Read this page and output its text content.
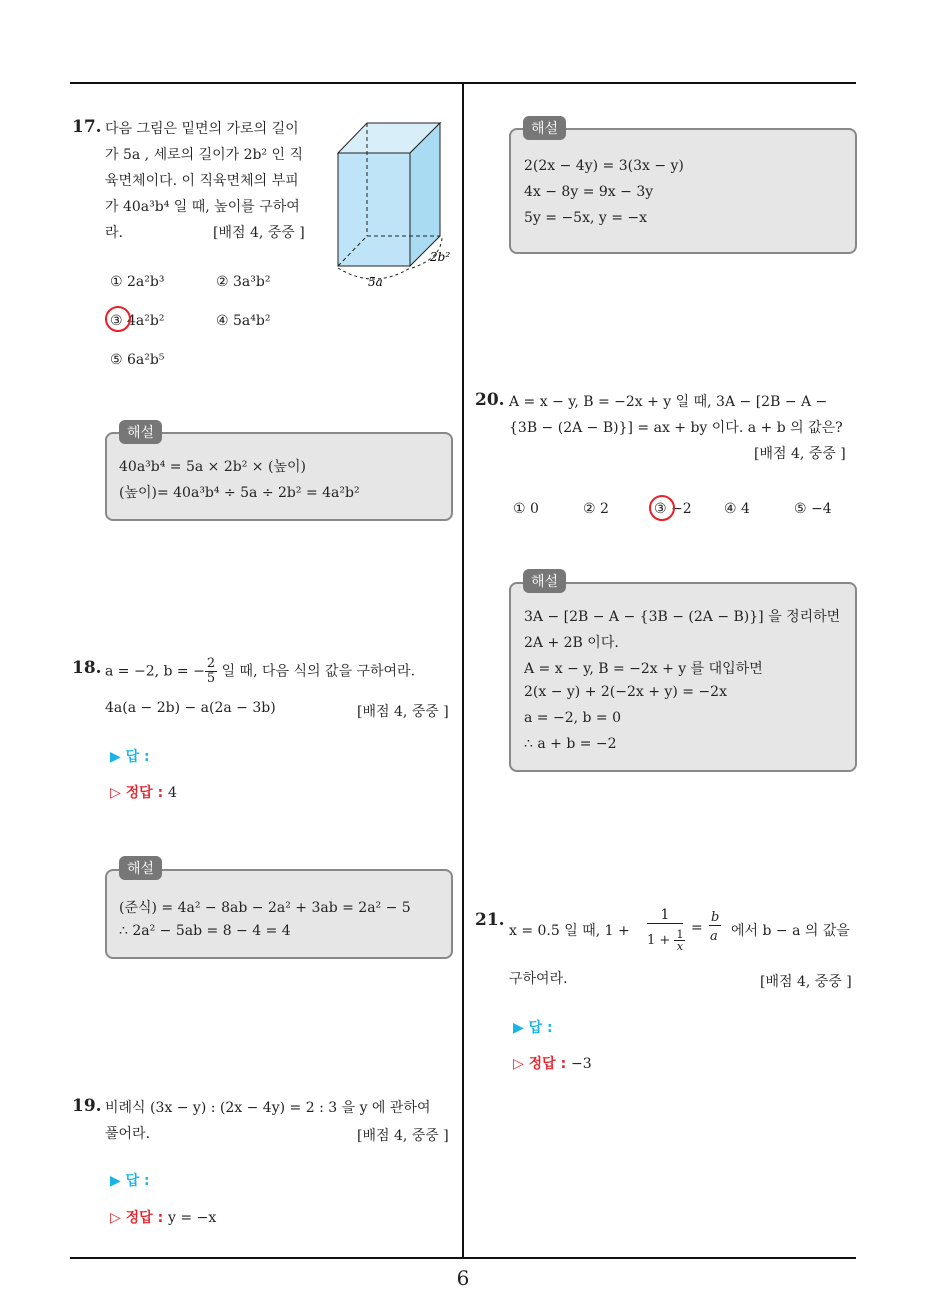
17. 다음 그림은 밑면의 가로의 길이
가 5a , 세로의 길이가 2b² 인 직
육면체이다. 이 직육면체의 부피
가 40a³b⁴ 일 때, 높이를 구하여
라.	[배점 4, 중중 ]
5a
2b²
① 2a²b³	② 3a³b²
③ 4a²b²	④ 5a⁴b²
⑤ 6a²b⁵
40a³b⁴ = 5a × 2b² × (높이)
(높이)= 40a³b⁴ ÷ 5a ÷ 2b² = 4a²b²
해설
18. a = −2, b = − $\frac{2}{5}$ 일 때, 다음 식의 값을 구하여라.
4a(a − 2b) − a(2a − 3b)	[배점 4, 중중 ]
▶ 답 :
▷ 정답 : 4
(준식) = 4a² − 8ab − 2a² + 3ab = 2a² − 5
∴ 2a² − 5ab = 8 − 4 = 4
해설
19. 비례식 (3x − y) : (2x − 4y) = 2 : 3 을 y 에 관하여
풀어라.	[배점 4, 중중 ]
▶ 답 :
▷ 정답 : y = −x
2(2x − 4y) = 3(3x − y)
4x − 8y = 9x − 3y
5y = −5x, y = −x
해설
20. A = x − y, B = −2x + y 일 때, 3A − [2B − A −
{3B − (2A − B)}] = ax + by 이다. a + b 의 값은?
[배점 4, 중중 ]
① 0	② 2	③ −2 ④ 4	⑤ −4
3A − [2B − A − {3B − (2A − B)}] 을 정리하면
2A + 2B 이다.
A = x − y, B = −2x + y 를 대입하면
2(x − y) + 2(−2x + y) = −2x
a = −2, b = 0
∴ a + b = −2
해설
21.
x = 0.5̇ 일 때, 1 +
1
$1 + \frac{1}{x}$
=
b
a 에서 b − a 의 값을
구하여라.	[배점 4, 중중 ]
▶ 답 :
▷ 정답 : −3
6
